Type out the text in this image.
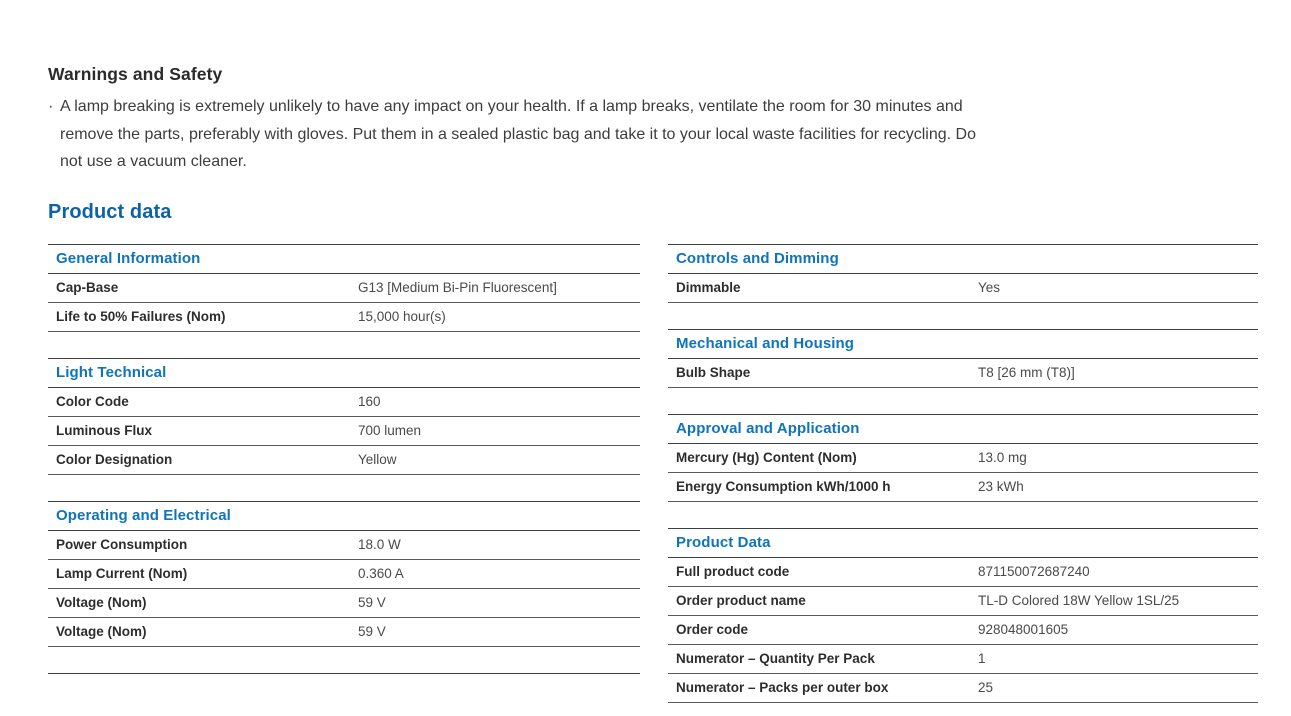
Warnings and Safety
· A lamp breaking is extremely unlikely to have any impact on your health. If a lamp breaks, ventilate the room for 30 minutes and
remove the parts, preferably with gloves. Put them in a sealed plastic bag and take it to your local waste facilities for recycling. Do
not use a vacuum cleaner.
Product data
General Information
Cap-Base	G13 [Medium Bi-Pin Fluorescent]
Life to 50% Failures (Nom)	15,000 hour(s)
Light Technical
Color Code	160
Luminous Flux	700 lumen
Color Designation	Yellow
Operating and Electrical
Power Consumption	18.0 W
Lamp Current (Nom)	0.360 A
Voltage (Nom)	59 V
Voltage (Nom)	59 V
Controls and Dimming
Dimmable	Yes
Mechanical and Housing
Bulb Shape	T8 [26 mm (T8)]
Approval and Application
Mercury (Hg) Content (Nom)	13.0 mg
Energy Consumption kWh/1000 h	23 kWh
Product Data
Full product code	871150072687240
Order product name	TL-D Colored 18W Yellow 1SL/25
Order code	928048001605
Numerator – Quantity Per Pack	1
Numerator – Packs per outer box	25
